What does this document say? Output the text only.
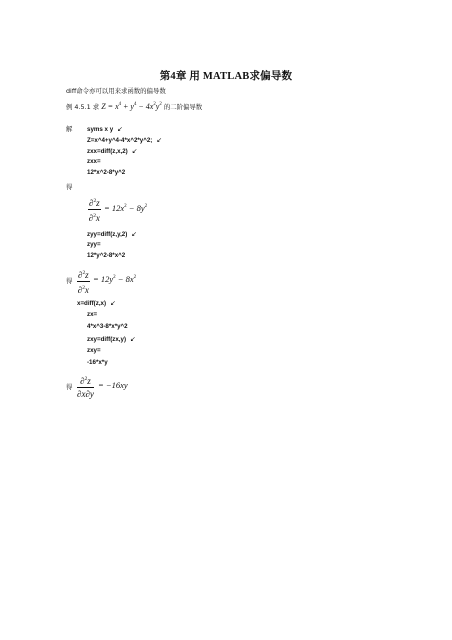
第4章 用 MATLAB求偏导数
diff命令亦可以用来求函数的偏导数
例 4.5.1 求 $Z = x^4 + y^4 - 4x^2y^2$ 的二阶偏导数
解 syms x y ↙
Z=x^4+y^4-4*x^2*y^2; ↙
zxx=diff(z,x,2) ↙
zxx=
12*x^2-8*y^2
得
$\frac{\partial^2z}{\partial^2x} = 12x^2 - 8y^2$
zyy=diff(z,y,2) ↙
zyy=
12*y^2-8*x^2
得 $\frac{\partial^2z}{\partial^2x} = 12y^2 - 8x^2$
x=diff(z,x) ↙
zx=
4*x^3-8*x*y^2
zxy=diff(zx,y) ↙
zxy=
-16*x*y
得 $\frac{\partial^2z}{\partial x\partial y} = -16xy$
